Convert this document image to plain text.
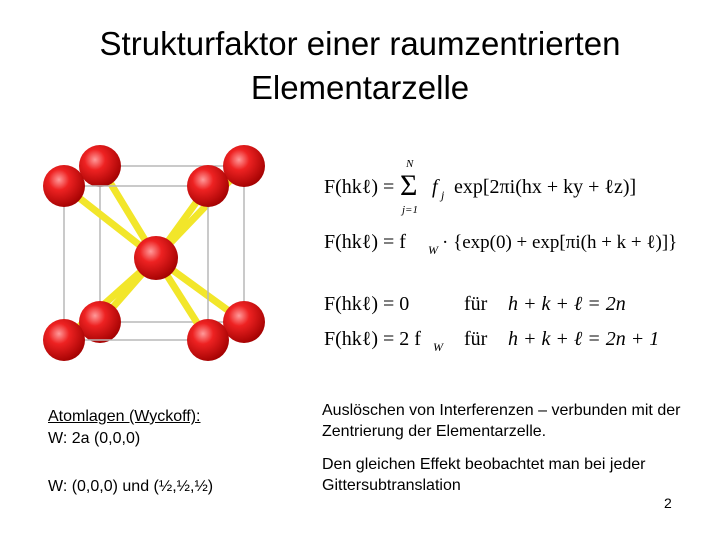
Strukturfaktor einer raumzentrierten
Elementarzelle
F(hkℓ) =
N
Σ
j=1
f j exp[2πi(hx + ky + ℓz)]
F(hkℓ) = f W · {exp(0) + exp[πi(h + k + ℓ)]}
F(hkℓ) = 0	für h + k + ℓ = 2n
F(hkℓ) = 2 f W für h + k + ℓ = 2n + 1
Atomlagen (Wyckoff):
W: 2a (0,0,0)
W: (0,0,0) und (½,½,½)
Auslöschen von Interferenzen – verbunden mit der Zentrierung der Elementarzelle.
Den gleichen Effekt beobachtet man bei jeder Gittersubtranslation
2
